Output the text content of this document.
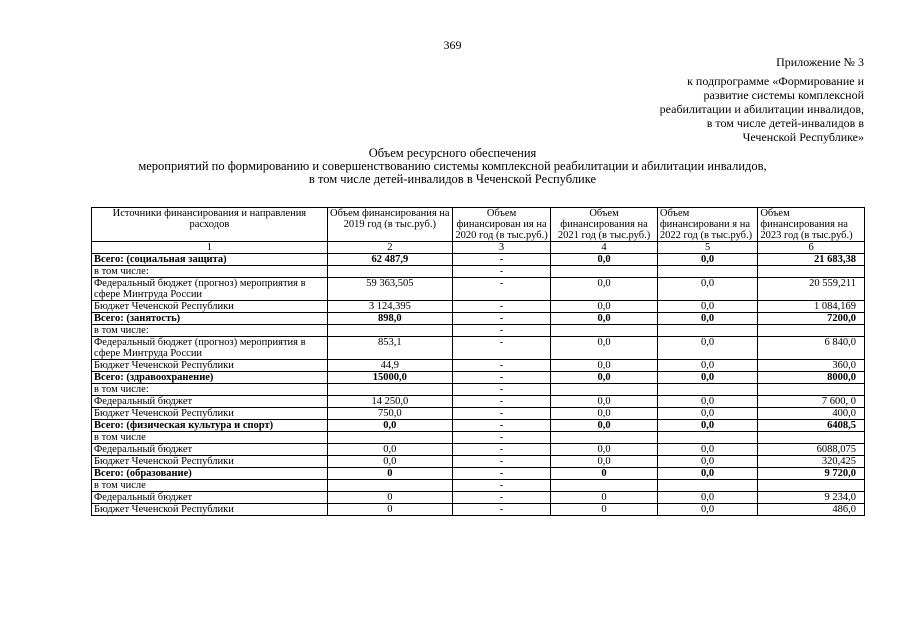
369
Приложение № 3
к подпрограмме «Формирование и
развитие системы комплексной
реабилитации и абилитации инвалидов,
в том числе детей-инвалидов в
Чеченской Республике»
Объем ресурсного обеспечения
мероприятий по формированию и совершенствованию системы комплексной реабилитации и абилитации инвалидов,
в том числе детей-инвалидов в Чеченской Республике
Источники финансирования и направления расходов	Объем финансирования на 2019 год (в тыс.руб.)	Объем финансирован ия на 2020 год (в тыс.руб.)	Объем финансирования на 2021 год (в тыс.руб.)	Объем финансировани я на 2022 год (в тыс.руб.)	Объем финансирования на 2023 год (в тыс.руб.)
1	2	3	4	5	6
Всего: (социальная защита)	62 487,9	-	0,0	0,0	21 683,38
в том числе:		-			
Федеральный бюджет (прогноз) мероприятия в сфере Минтруда России	59 363,505	-	0,0	0,0	20 559,211
Бюджет Чеченской Республики	3 124,395	-	0,0	0,0	1 084,169
Всего: (занятость)	898,0	-	0,0	0,0	7200,0
в том числе:		-			
Федеральный бюджет (прогноз) мероприятия в сфере Минтруда России	853,1	-	0,0	0,0	6 840,0
Бюджет Чеченской Республики	44,9	-	0,0	0,0	360,0
Всего: (здравоохранение)	15000,0	-	0,0	0,0	8000,0
в том числе:		-			
Федеральный бюджет	14 250,0	-	0,0	0,0	7 600, 0
Бюджет Чеченской Республики	750,0	-	0,0	0,0	400,0
Всего: (физическая культура и спорт)	0,0	-	0,0	0,0	6408,5
в том числе		-			
Федеральный бюджет	0,0	-	0,0	0,0	6088,075
Бюджет Чеченской Республики	0,0	-	0,0	0,0	320,425
Всего: (образование)	0	-	0	0,0	9 720,0
в том числе		-			
Федеральный бюджет	0	-	0	0,0	9 234,0
Бюджет Чеченской Республики	0	-	0	0,0	486,0
